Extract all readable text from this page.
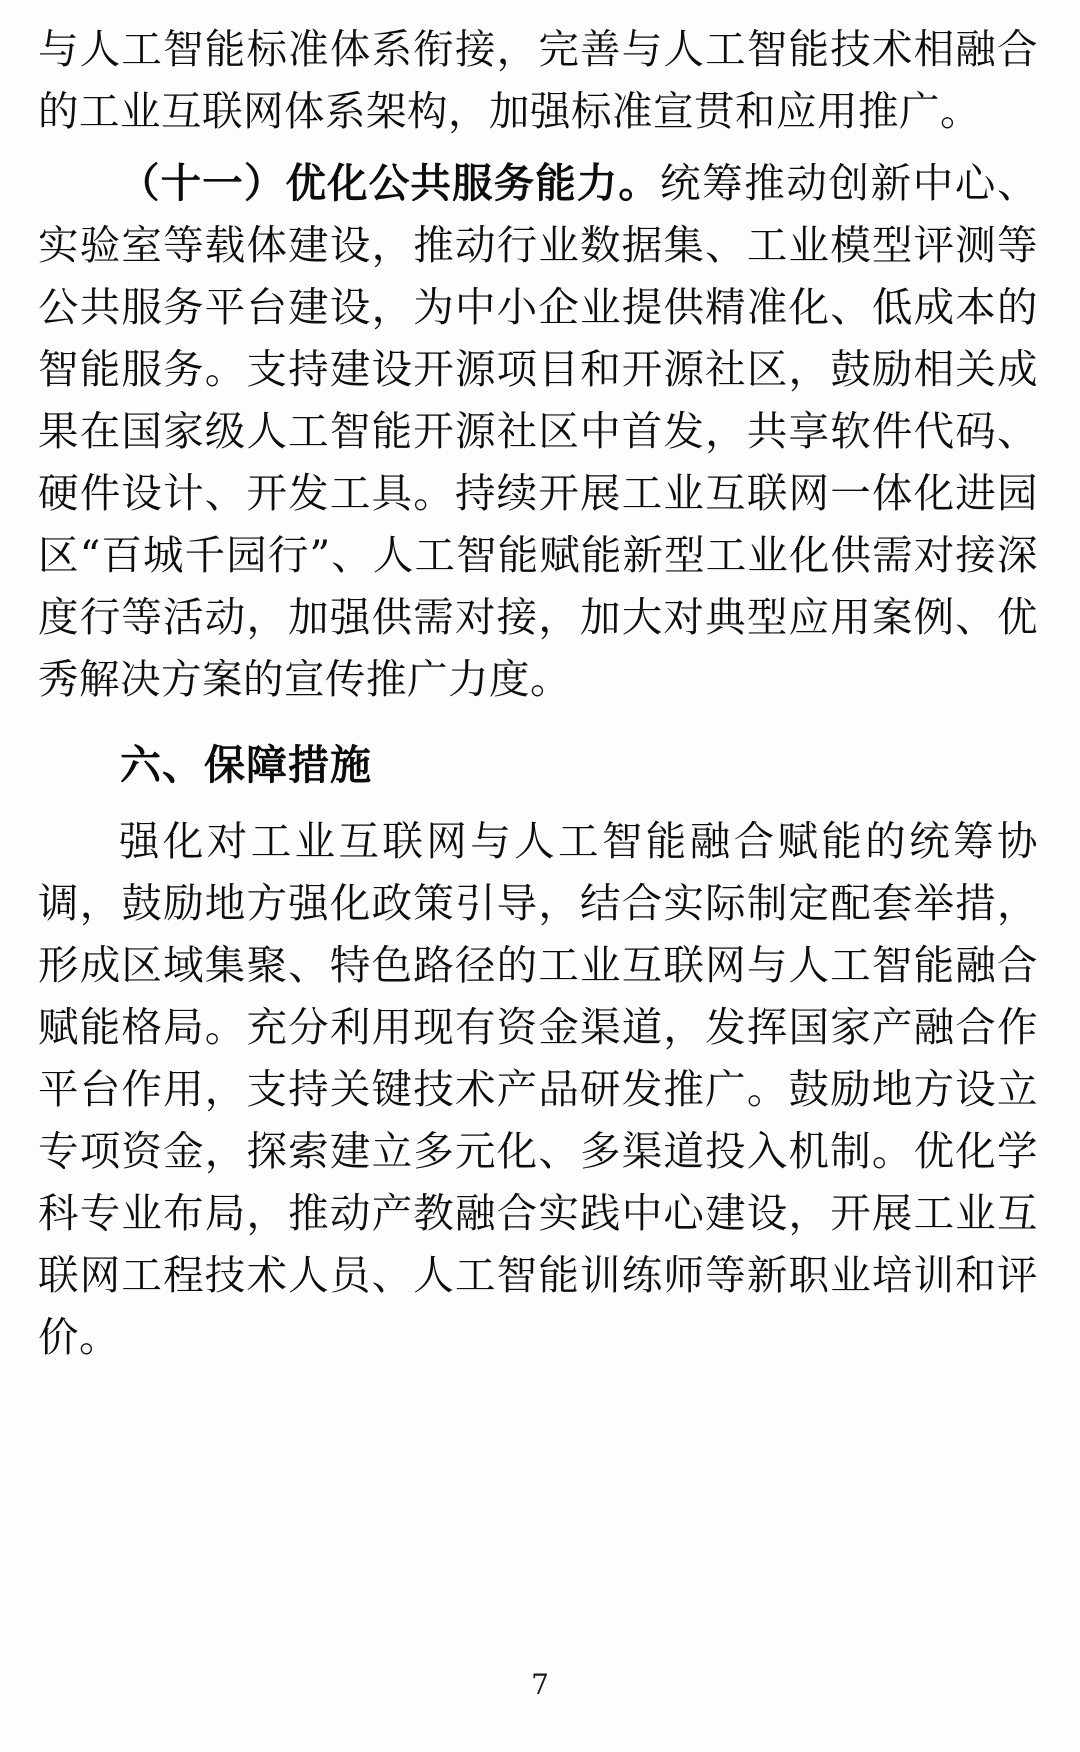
与人工智能标准体系衔接，完善与人工智能技术相融合的工业互联网体系架构，加强标准宣贯和应用推广。

（十一）优化公共服务能力。统筹推动创新中心、实验室等载体建设，推动行业数据集、工业模型评测等公共服务平台建设，为中小企业提供精准化、低成本的智能服务。支持建设开源项目和开源社区，鼓励相关成果在国家级人工智能开源社区中首发，共享软件代码、硬件设计、开发工具。持续开展工业互联网一体化进园区“百城千园行”、人工智能赋能新型工业化供需对接深度行等活动，加强供需对接，加大对典型应用案例、优秀解决方案的宣传推广力度。

六、保障措施

强化对工业互联网与人工智能融合赋能的统筹协调，鼓励地方强化政策引导，结合实际制定配套举措，形成区域集聚、特色路径的工业互联网与人工智能融合赋能格局。充分利用现有资金渠道，发挥国家产融合作平台作用，支持关键技术产品研发推广。鼓励地方设立专项资金，探索建立多元化、多渠道投入机制。优化学科专业布局，推动产教融合实践中心建设，开展工业互联网工程技术人员、人工智能训练师等新职业培训和评价。

7
